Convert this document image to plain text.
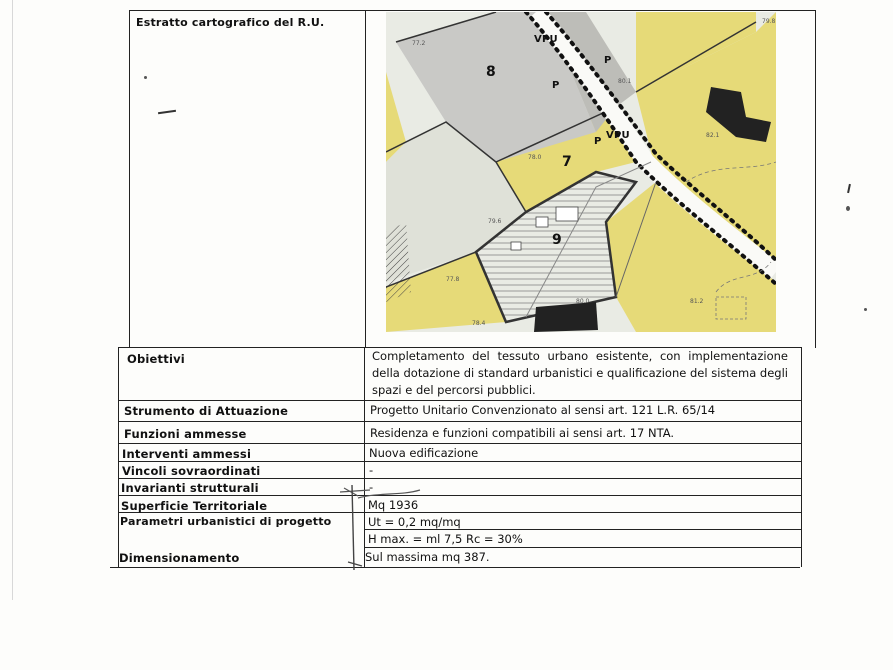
Estratto cartografico del R.U.
8
7
9
P
P
P
VPU
VPU
77.2
79.8
80.1
82.1
78.0
79.6
77.8
80.0	81.2
78.4
Obiettivi	Completamento del tessuto urbano esistente, con implementazione
della dotazione di standard urbanistici e qualificazione del sistema degli
spazi e del percorsi pubblici.
Strumento di Attuazione	Progetto Unitario Convenzionato al sensi art. 121 L.R. 65/14
Funzioni ammesse	Residenza e funzioni compatibili ai sensi art. 17 NTA.
Interventi ammessi	Nuova edificazione
Vincoli sovraordinati	-
Invarianti strutturali	-
Superficie Territoriale	Mq 1936
Parametri urbanistici di progetto	Ut = 0,2 mq/mq
H max. = ml 7,5 Rc = 30%
Dimensionamento	Sul massima mq 387.
